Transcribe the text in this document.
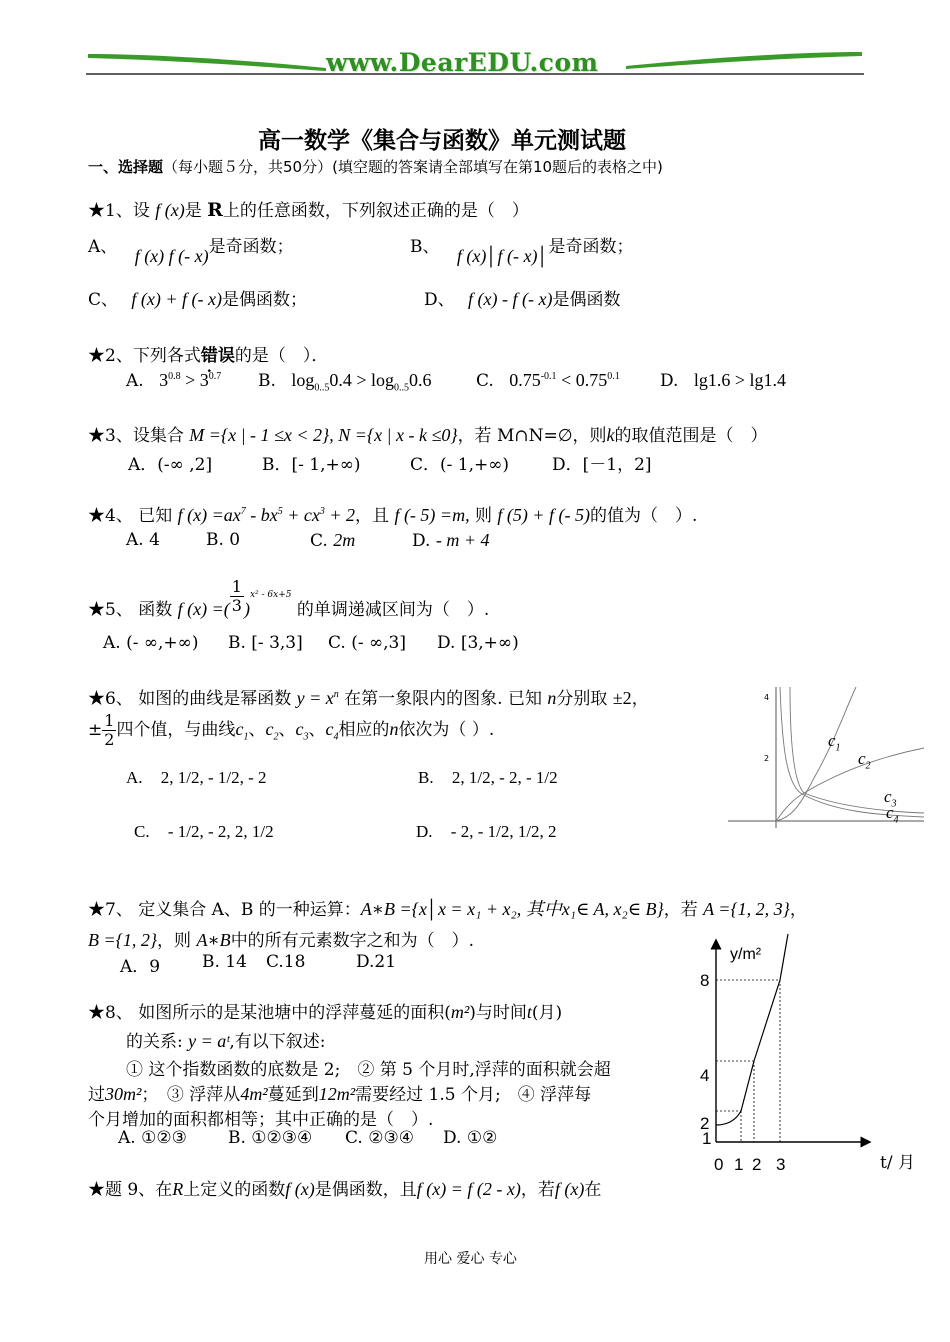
www.DearEDU.com
高一数学《集合与函数》单元测试题
一、选择题（每小题５分，共50分）(填空题的答案请全部填写在第10题后的表格之中)
★1、设 f (x)是 R上的任意函数，下列叙述正确的是（　）
A、 f (x) f (- x)是奇函数；	B、 f (x)│f (- x)│是奇函数；
C、 f (x) + f (- x)是偶函数；	D、 f (x) - f (- x)是偶函数
★2、下列各式错误的是（　）．
A. $3^{0.8} > 3^{0.7}$ B. $\log_{0..5}0.4 > \log_{0..5}0.6$	C. $0.75^{-0.1} < 0.75^{0.1}$ D. lg1.6 > lg1.4
★3、设集合 M ={x | - 1 ≤x < 2}, N ={x | x - k ≤0}，若 M∩N=∅，则k的取值范围是（　）
A．(-∞ ,2]	B．[- 1,+∞)	C．(- 1,+∞)	D．[－1，2]
★4、 已知 f $(x) =ax^7 - bx^5 + cx^3 + 2$，且 f (- 5) =m, 则 f (5) + f (- 5)的值为（　）.
A. 4	B. 0	C. 2m	D. - m + 4
★5、 函数 f (x) =( $\frac{1}{3} )^{x^2 - 6x+5}$ 的单调递减区间为（　）.
A. (- ∞,+∞) B. [- 3,3] C. (- ∞,3] D. [3,+∞)
★6、 如图的曲线是幂函数 $y = x^n$ 在第一象限内的图象. 已知 n分别取 ±2，
± $\frac{1}{2}$ 四个值，与曲线$c_1$、$c_2$、$c_3$、$c_4$相应的n依次为（ ）.
A. 2, 1/2, - 1/2, - 2	B. 2, 1/2, - 2, - 1/2
C. - 1/2, - 2, 2, 1/2	D. - 2, - 1/2, 1/2, 2
4
2
$c_1$
$c_2$
$c_3$
$c_4$
★7、 定义集合 A、B 的一种运算：A∗B ={x│x = x₁ + x₂, 其中x₁∈ A, x₂∈ B}，若 A ={1, 2, 3}，
B ={1, 2}，则 A∗B中的所有元素数字之和为（　）.
A．9 B. 14 C.18	D.21
★8、 如图所示的是某池塘中的浮萍蔓延的面积(m²)与时间t(月)
的关系: y = aᵗ,有以下叙述:
① 这个指数函数的底数是 2;　② 第 5 个月时,浮萍的面积就会超
过30m²；　③ 浮萍从4m²蔓延到12m²需要经过 1.5 个月;　④ 浮萍每
个月增加的面积都相等；其中正确的是（　）.
A. ①②③ B. ①②③④ C. ②③④ D. ①②
y/m²
8
4
2
1
0 1 2 3	t/ 月
★题 9、在R上定义的函数f (x)是偶函数，且f (x) = f (2 - x)，若f (x)在
用心 爱心 专心
